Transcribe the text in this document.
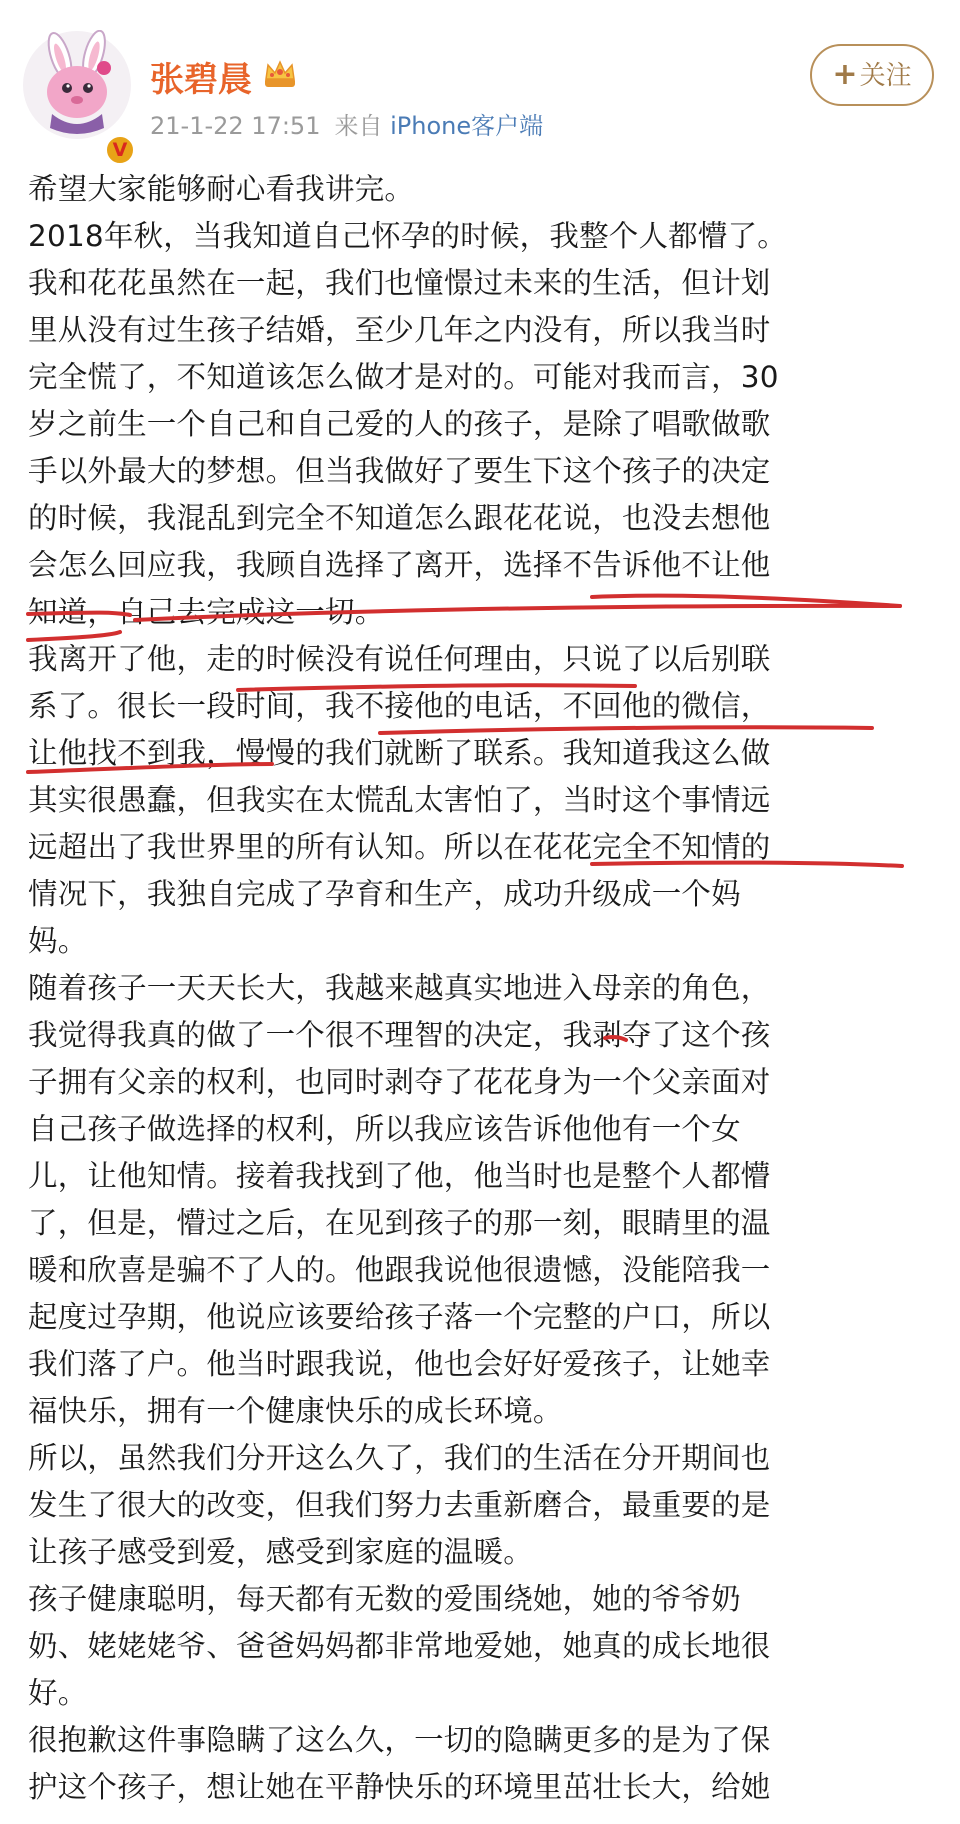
V
张碧晨
21-1-22 17:51 来自 iPhone客户端
+关注
希望大家能够耐心看我讲完。
2018年秋，当我知道自己怀孕的时候，我整个人都懵了。
我和花花虽然在一起，我们也憧憬过未来的生活，但计划
里从没有过生孩子结婚，至少几年之内没有，所以我当时
完全慌了，不知道该怎么做才是对的。可能对我而言，30
岁之前生一个自己和自己爱的人的孩子，是除了唱歌做歌
手以外最大的梦想。但当我做好了要生下这个孩子的决定
的时候，我混乱到完全不知道怎么跟花花说，也没去想他
会怎么回应我，我顾自选择了离开，选择不告诉他不让他
知道，自己去完成这一切。
我离开了他，走的时候没有说任何理由，只说了以后别联
系了。很长一段时间，我不接他的电话，不回他的微信，
让他找不到我，慢慢的我们就断了联系。我知道我这么做
其实很愚蠢，但我实在太慌乱太害怕了，当时这个事情远
远超出了我世界里的所有认知。所以在花花完全不知情的
情况下，我独自完成了孕育和生产，成功升级成一个妈
妈。
随着孩子一天天长大，我越来越真实地进入母亲的角色，
我觉得我真的做了一个很不理智的决定，我剥夺了这个孩
子拥有父亲的权利，也同时剥夺了花花身为一个父亲面对
自己孩子做选择的权利，所以我应该告诉他他有一个女
儿，让他知情。接着我找到了他，他当时也是整个人都懵
了，但是，懵过之后，在见到孩子的那一刻，眼睛里的温
暖和欣喜是骗不了人的。他跟我说他很遗憾，没能陪我一
起度过孕期，他说应该要给孩子落一个完整的户口，所以
我们落了户。他当时跟我说，他也会好好爱孩子，让她幸
福快乐，拥有一个健康快乐的成长环境。
所以，虽然我们分开这么久了，我们的生活在分开期间也
发生了很大的改变，但我们努力去重新磨合，最重要的是
让孩子感受到爱，感受到家庭的温暖。
孩子健康聪明，每天都有无数的爱围绕她，她的爷爷奶
奶、姥姥姥爷、爸爸妈妈都非常地爱她，她真的成长地很
好。
很抱歉这件事隐瞒了这么久，一切的隐瞒更多的是为了保
护这个孩子，想让她在平静快乐的环境里茁壮长大，给她
